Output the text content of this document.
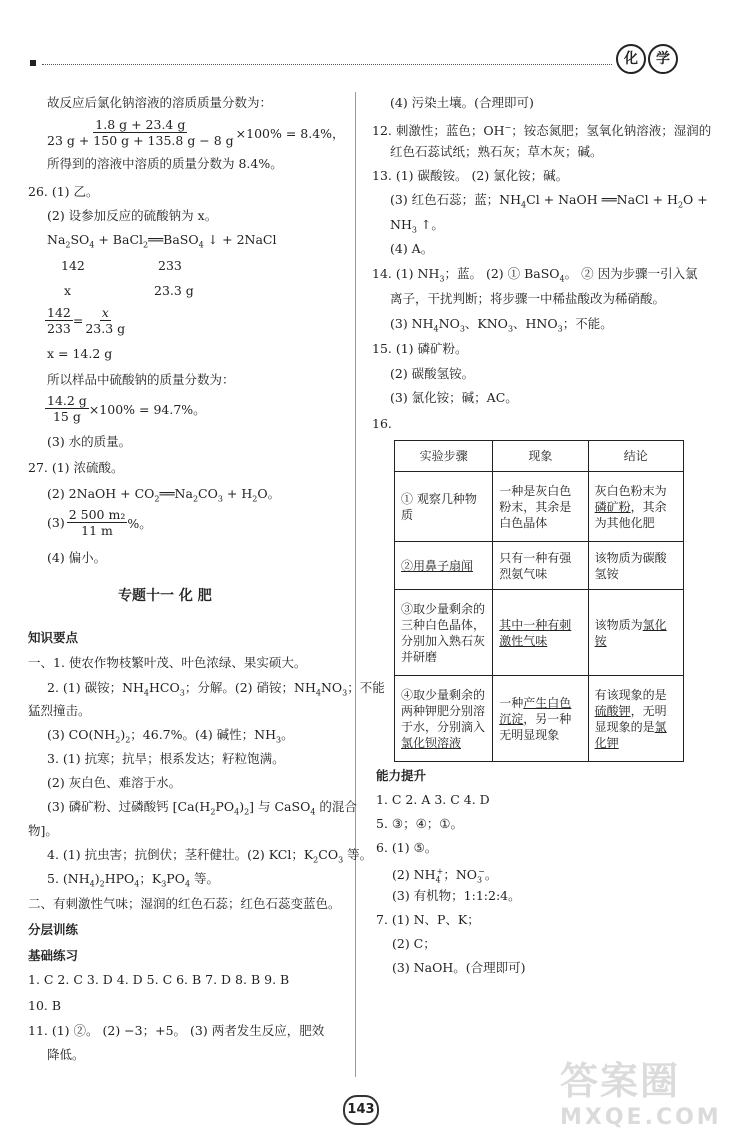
化	学
故反应后氯化钠溶液的溶质质量分数为：
$\frac{1.8 g + 23.4 g}{23 g + 150 g + 135.8 g - 8 g} \times 100\% = 8.4\%$，
所得到的溶液中溶质的质量分数为 8.4%。
26. (1) 乙。
(2) 设参加反应的硫酸钠为 x。
$Na_2SO_4$ + BaCl$_2$══BaSO$_4$ ↓ + 2NaCl
142	233
x	23.3 g
$\frac{142}{233} = \frac{x}{23.3 g}$
x = 14.2 g
所以样品中硫酸钠的质量分数为：
$\frac{14.2 g}{15 g} \times 100\% = 94.7\%$。
(3) 水的质量。
27. (1) 浓硫酸。
(2) 2NaOH + $CO_2══Na_2CO_3 + H_2O$。
$(3) \frac{\text{2 500 m₂}}{11 m}$ %。
(4) 偏小。
专题十一 化 肥
知识要点
一、1. 使农作物枝繁叶茂、叶色浓绿、果实硕大。
2. (1) 碳铵；$NH_4HCO_3$；分解。(2) 硝铵；$NH_4NO_3$；不能
猛烈撞击。
(3) $CO(NH_2)_2$；46.7%。(4) 碱性；$NH_3$。
3. (1) 抗寒；抗旱；根系发达；籽粒饱满。
(2) 灰白色、难溶于水。
(3) 磷矿粉、过磷酸钙 $[Ca(H_2PO_4)_2]$ 与 CaSO$_4$ 的混合
物]。
4. (1) 抗虫害；抗倒伏；茎秆健壮。(2) KCl；$K_2CO_3$ 等。
5. $(NH_4)_2HPO_4$；$K_3PO_4$ 等。
二、有刺激性气味；湿润的红色石蕊；红色石蕊变蓝色。
分层训练
基础练习
1. C 2. C 3. D 4. D 5. C 6. B 7. D 8. B 9. B
10. B
11. (1) ②。 (2) −3；+5。 (3) 两者发生反应，肥效
降低。
(4) 污染土壤。(合理即可)
12. 刺激性；蓝色；OH−；铵态氮肥；氢氧化钠溶液；湿润的
红色石蕊试纸；熟石灰；草木灰；碱。
13. (1) 碳酸铵。 (2) 氯化铵；碱。
(3) 红色石蕊；蓝；$NH_4Cl$ + NaOH ══NaCl + $H_2O$ +
$NH_3$ ↑。
(4) A。
14. (1) $NH_3$；蓝。 (2) ① BaSO$_4$。 ② 因为步骤一引入氯
离子，干扰判断；将步骤一中稀盐酸改为稀硝酸。
(3) $NH_4NO_3$、$KNO_3$、$HNO_3$；不能。
15. (1) 磷矿粉。
(2) 碳酸氢铵。
(3) 氯化铵；碱；AC。
16.
实验步骤	现象	结论
① 观察几种物质	一种是灰白色粉末，其余是白色晶体	灰白色粉末为磷矿粉，其余为其他化肥
②用鼻子扇闻	只有一种有强烈氨气味	该物质为碳酸氢铵
③取少量剩余的三种白色晶体，分别加入熟石灰并研磨	其中一种有刺激性气味	该物质为氯化铵
④取少量剩余的两种钾肥分别溶于水，分别滴入氯化钡溶液	一种产生白色沉淀，另一种无明显现象	有该现象的是硫酸钾，无明显现象的是氯化钾
能力提升
1. C 2. A 3. C 4. D
5. ③；④；①。
6. (1) ⑤。
(2) $NH_4^+$；$NO_3^-$。
(3) 有机物；1:1:2:4。
7. (1) N、P、K；
(2) C；
(3) NaOH。(合理即可)
143
答案圈
MXQE.COM
